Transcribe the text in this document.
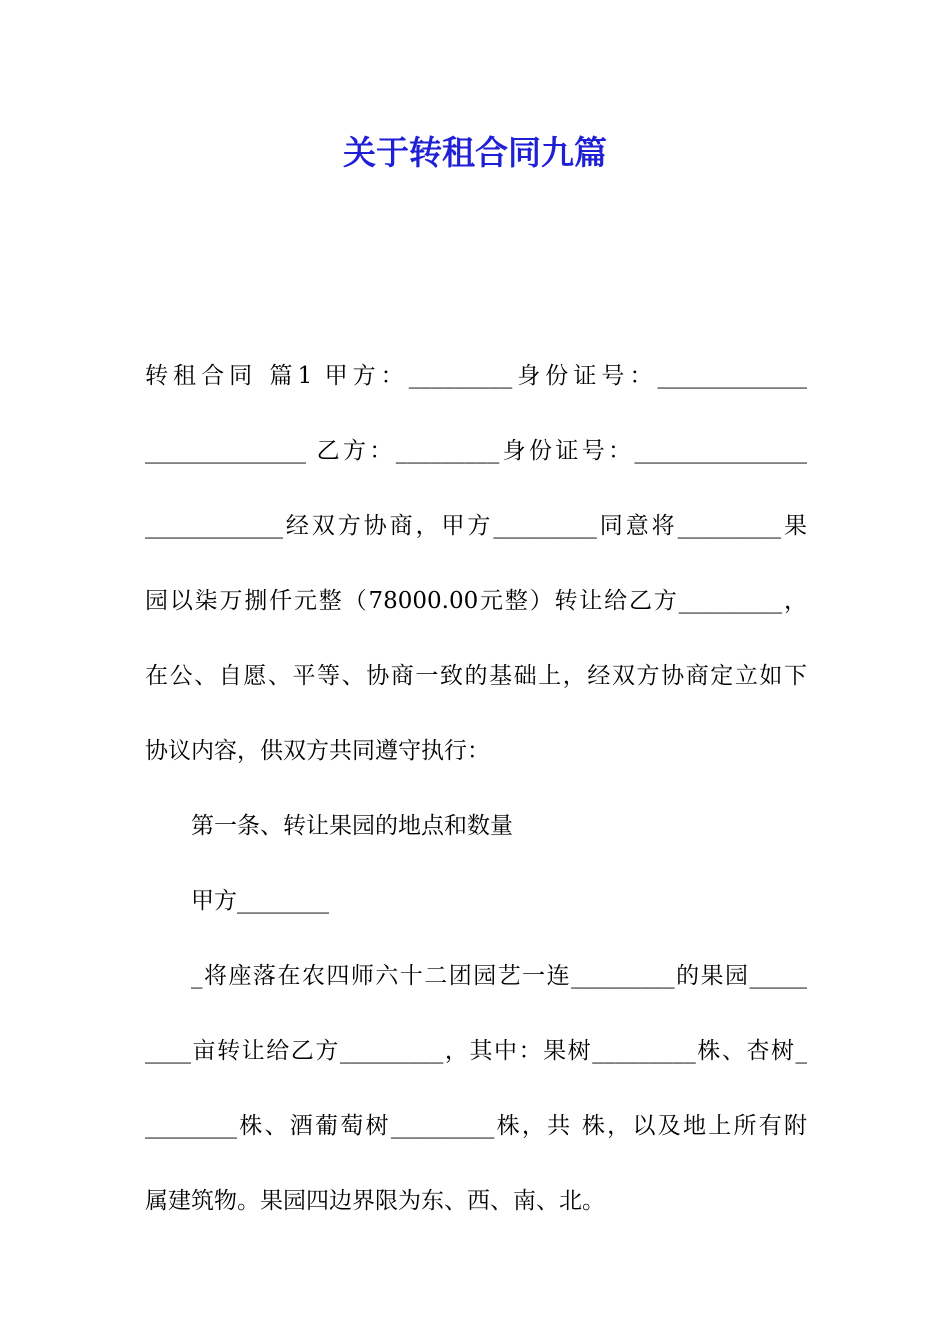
关于转租合同九篇
转租合同 篇1 甲方：_________身份证号：_____________
______________ 乙方：_________身份证号：_______________
____________经双方协商，甲方_________同意将_________果
园以柒万捌仟元整（78000.00元整）转让给乙方_________，
在公、自愿、平等、协商一致的基础上，经双方协商定立如下
协议内容，供双方共同遵守执行：
第一条、转让果园的地点和数量
甲方________
_将座落在农四师六十二团园艺一连_________的果园_____
____亩转让给乙方_________，其中：果树_________株、杏树_
________株、酒葡萄树_________株，共 株，以及地上所有附
属建筑物。果园四边界限为东、西、南、北。
